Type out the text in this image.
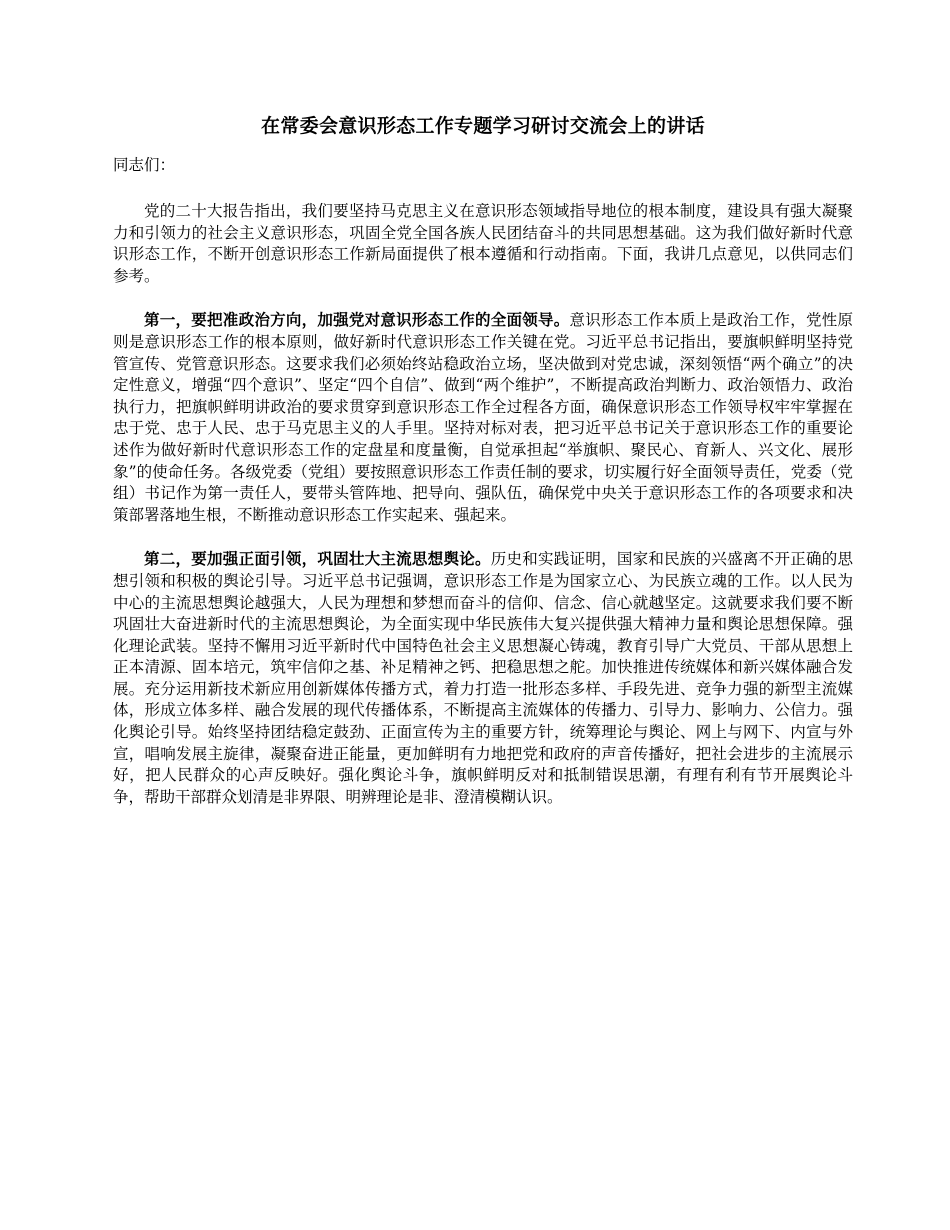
在常委会意识形态工作专题学习研讨交流会上的讲话

同志们：

党的二十大报告指出，我们要坚持马克思主义在意识形态领域指导地位的根本制度，建设具有强大凝聚力和引领力的社会主义意识形态，巩固全党全国各族人民团结奋斗的共同思想基础。这为我们做好新时代意识形态工作，不断开创意识形态工作新局面提供了根本遵循和行动指南。下面，我讲几点意见，以供同志们参考。

第一，要把准政治方向，加强党对意识形态工作的全面领导。意识形态工作本质上是政治工作，党性原则是意识形态工作的根本原则，做好新时代意识形态工作关键在党。习近平总书记指出，要旗帜鲜明坚持党管宣传、党管意识形态。这要求我们必须始终站稳政治立场，坚决做到对党忠诚，深刻领悟“两个确立”的决定性意义，增强“四个意识”、坚定“四个自信”、做到“两个维护”，不断提高政治判断力、政治领悟力、政治执行力，把旗帜鲜明讲政治的要求贯穿到意识形态工作全过程各方面，确保意识形态工作领导权牢牢掌握在忠于党、忠于人民、忠于马克思主义的人手里。坚持对标对表，把习近平总书记关于意识形态工作的重要论述作为做好新时代意识形态工作的定盘星和度量衡，自觉承担起“举旗帜、聚民心、育新人、兴文化、展形象”的使命任务。各级党委（党组）要按照意识形态工作责任制的要求，切实履行好全面领导责任，党委（党组）书记作为第一责任人，要带头管阵地、把导向、强队伍，确保党中央关于意识形态工作的各项要求和决策部署落地生根，不断推动意识形态工作实起来、强起来。

第二，要加强正面引领，巩固壮大主流思想舆论。历史和实践证明，国家和民族的兴盛离不开正确的思想引领和积极的舆论引导。习近平总书记强调，意识形态工作是为国家立心、为民族立魂的工作。以人民为中心的主流思想舆论越强大，人民为理想和梦想而奋斗的信仰、信念、信心就越坚定。这就要求我们要不断巩固壮大奋进新时代的主流思想舆论，为全面实现中华民族伟大复兴提供强大精神力量和舆论思想保障。强化理论武装。坚持不懈用习近平新时代中国特色社会主义思想凝心铸魂，教育引导广大党员、干部从思想上正本清源、固本培元，筑牢信仰之基、补足精神之钙、把稳思想之舵。加快推进传统媒体和新兴媒体融合发展。充分运用新技术新应用创新媒体传播方式，着力打造一批形态多样、手段先进、竞争力强的新型主流媒体，形成立体多样、融合发展的现代传播体系，不断提高主流媒体的传播力、引导力、影响力、公信力。强化舆论引导。始终坚持团结稳定鼓劲、正面宣传为主的重要方针，统筹理论与舆论、网上与网下、内宣与外宣，唱响发展主旋律，凝聚奋进正能量，更加鲜明有力地把党和政府的声音传播好，把社会进步的主流展示好，把人民群众的心声反映好。强化舆论斗争，旗帜鲜明反对和抵制错误思潮，有理有利有节开展舆论斗争，帮助干部群众划清是非界限、明辨理论是非、澄清模糊认识。
